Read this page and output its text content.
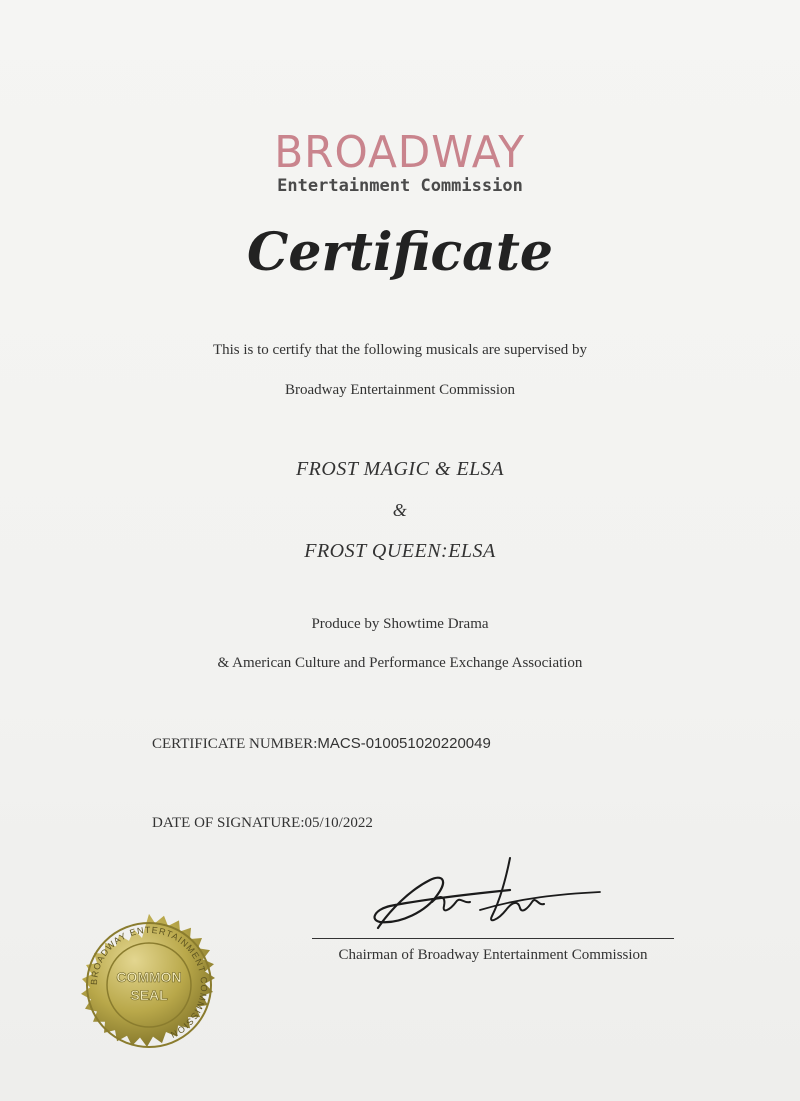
BROADWAY
Entertainment Commission
Certificate
This is to certify that the following musicals are supervised by
Broadway Entertainment Commission
FROST MAGIC & ELSA
&
FROST QUEEN:ELSA
Produce by Showtime Drama
& American Culture and Performance Exchange Association
CERTIFICATE NUMBER:MACS-010051020220049
DATE OF SIGNATURE:05/10/2022
Chairman of Broadway Entertainment Commission
BROADWAY ENTERTAINMENT COMMISSION
COMMON
SEAL
